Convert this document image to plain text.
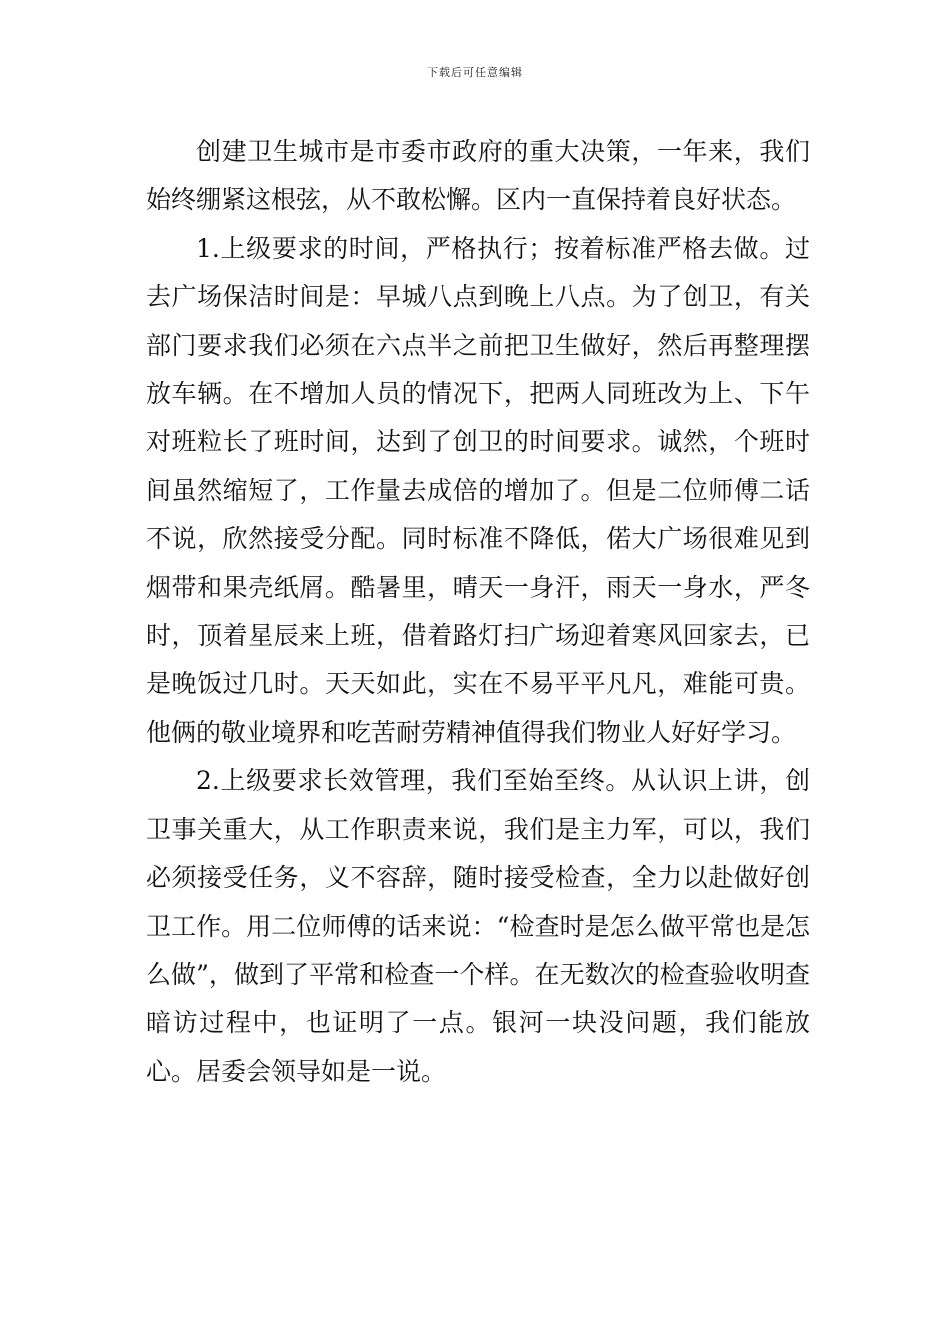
下载后可任意编辑

创建卫生城市是市委市政府的重大决策，一年来，我们始终绷紧这根弦，从不敢松懈。区内一直保持着良好状态。

1.上级要求的时间，严格执行；按着标准严格去做。过去广场保洁时间是：早城八点到晚上八点。为了创卫，有关部门要求我们必须在六点半之前把卫生做好，然后再整理摆放车辆。在不增加人员的情况下，把两人同班改为上、下午对班粒长了班时间，达到了创卫的时间要求。诚然，个班时间虽然缩短了，工作量去成倍的增加了。但是二位师傅二话不说，欣然接受分配。同时标准不降低，偌大广场很难见到烟带和果壳纸屑。酷暑里，晴天一身汗，雨天一身水，严冬时，顶着星辰来上班，借着路灯扫广场迎着寒风回家去，已是晚饭过几时。天天如此，实在不易平平凡凡，难能可贵。他俩的敬业境界和吃苦耐劳精神值得我们物业人好好学习。

2.上级要求长效管理，我们至始至终。从认识上讲，创卫事关重大，从工作职责来说，我们是主力军，可以，我们必须接受任务，义不容辞，随时接受检查，全力以赴做好创卫工作。用二位师傅的话来说：“检查时是怎么做平常也是怎么做”，做到了平常和检查一个样。在无数次的检查验收明查暗访过程中，也证明了一点。银河一块没问题，我们能放心。居委会领导如是一说。
